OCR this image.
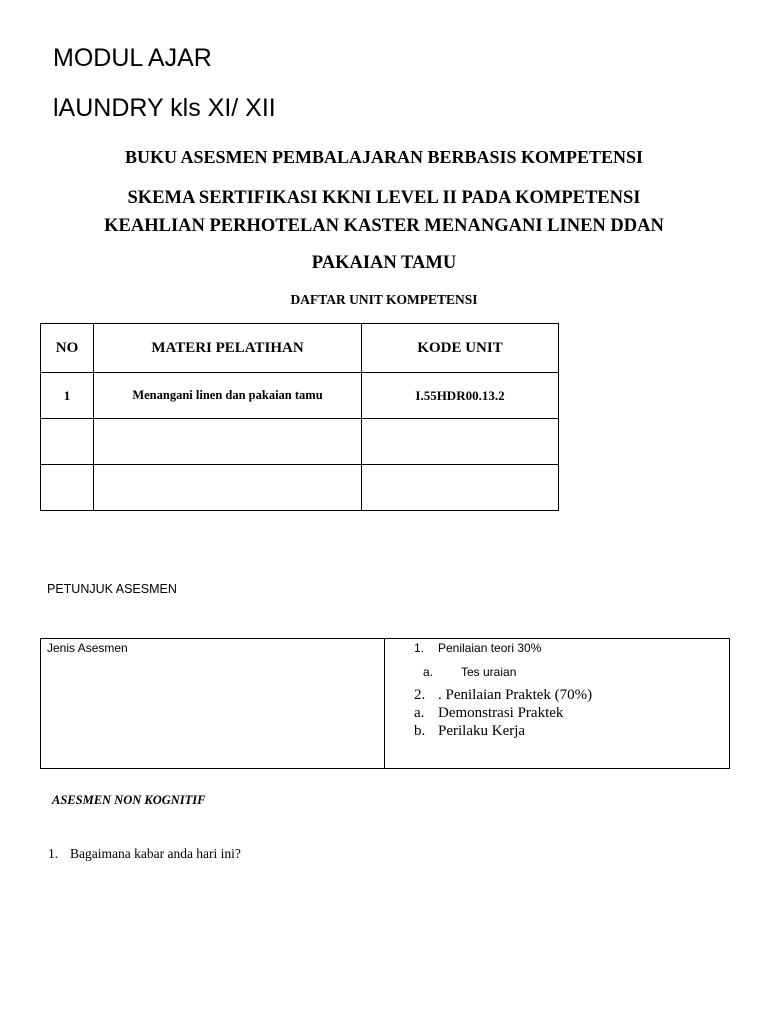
MODUL AJAR
lAUNDRY kls XI/ XII
BUKU ASESMEN PEMBALAJARAN BERBASIS KOMPETENSI
SKEMA SERTIFIKASI KKNI LEVEL II PADA KOMPETENSI
KEAHLIAN PERHOTELAN KASTER MENANGANI LINEN DDAN
PAKAIAN TAMU
DAFTAR UNIT KOMPETENSI
NO	MATERI PELATIHAN	KODE UNIT
1	Menangani linen dan pakaian tamu	I.55HDR00.13.2

PETUNJUK ASESMEN
Jenis Asesmen	1. Penilaian teori 30%
a. Tes uraian
2. . Penilaian Praktek (70%)
a. Demonstrasi Praktek
b. Perilaku Kerja
ASESMEN NON KOGNITIF
1. Bagaimana kabar anda hari ini?
